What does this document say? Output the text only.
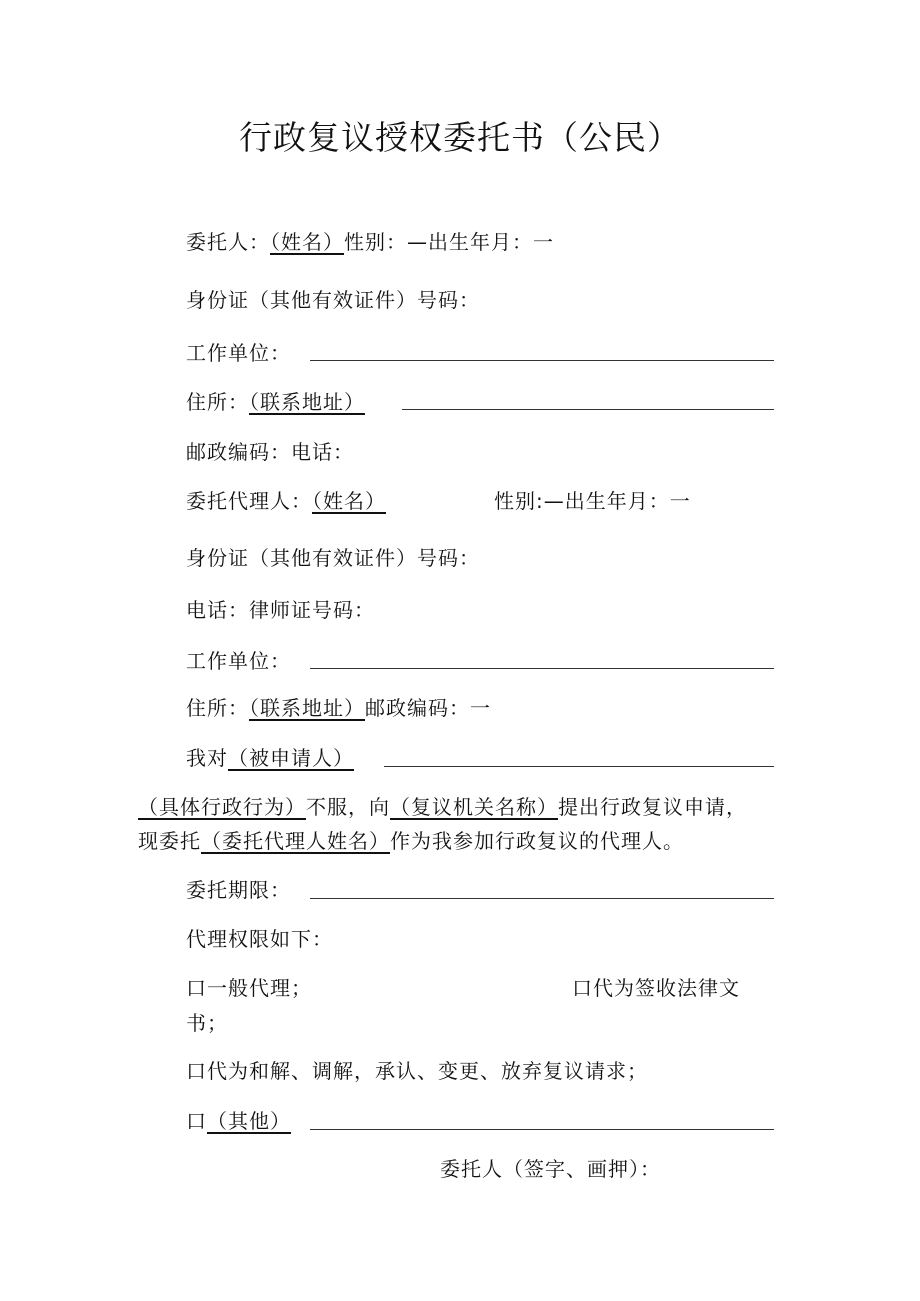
行政复议授权委托书（公民）
委托人：（姓名）性别：—出生年月：一
身份证（其他有效证件）号码：
工作单位：
住所：（联系地址）
邮政编码：电话：
委托代理人：（姓名）	性别:—出生年月：一
身份证（其他有效证件）号码：
电话：律师证号码：
工作单位：
住所：（联系地址）邮政编码：一
我对（被申请人）
（具体行政行为）不服，向（复议机关名称）提出行政复议申请，
现委托（委托代理人姓名）作为我参加行政复议的代理人。
委托期限：
代理权限如下：
口一般代理；	口代为签收法律文
书；
口代为和解、调解，承认、变更、放弃复议请求；
口（其他）
委托人（签字、画押）：
